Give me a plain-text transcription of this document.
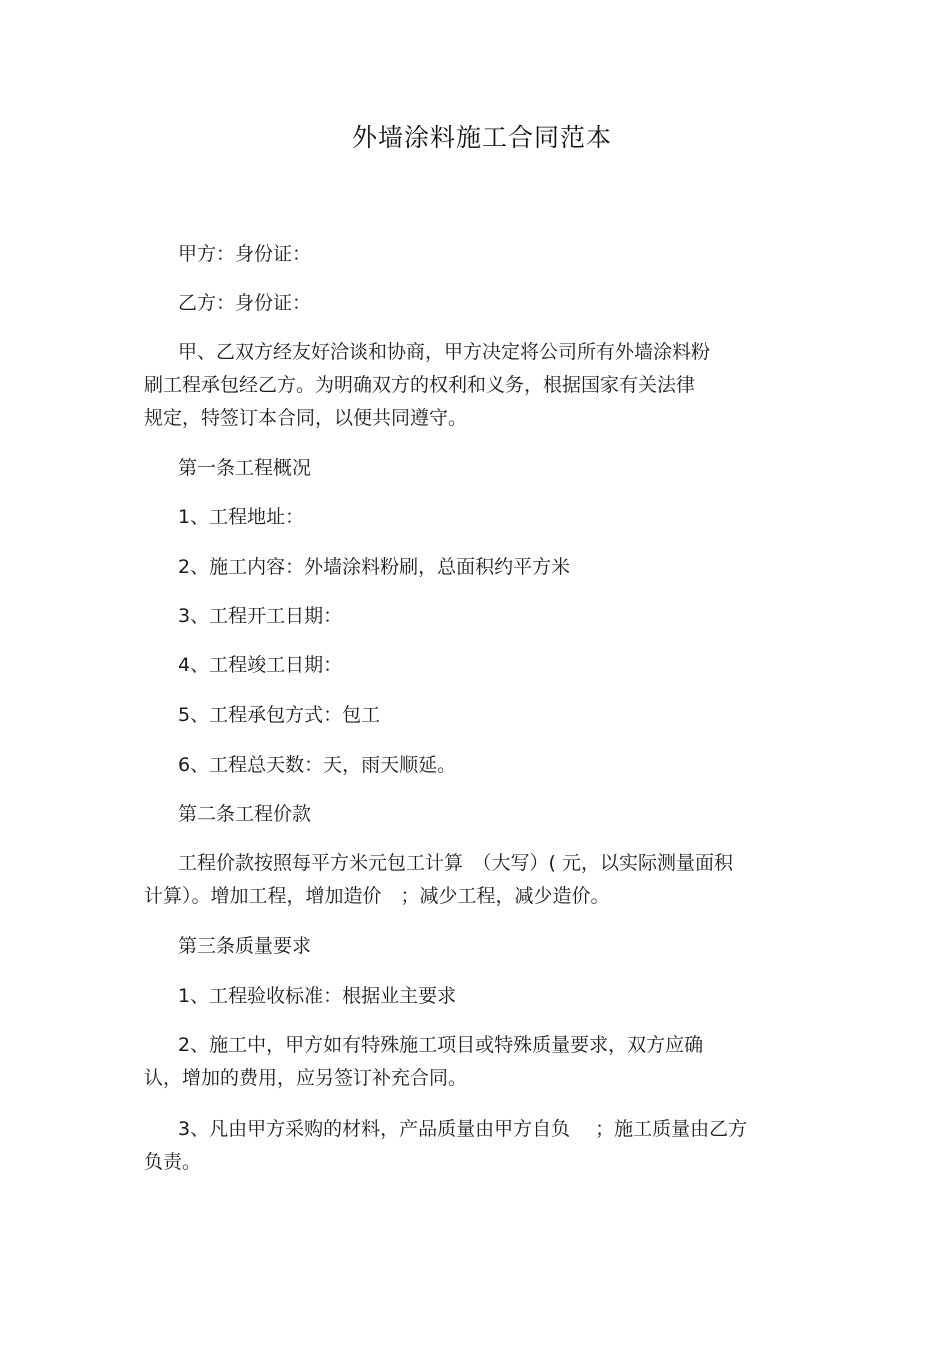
外墙涂料施工合同范本

甲方：身份证：

乙方：身份证：

甲、乙双方经友好洽谈和协商，甲方决定将公司所有外墙涂料粉
刷工程承包经乙方。为明确双方的权利和义务，根据国家有关法律
规定，特签订本合同，以便共同遵守。

第一条工程概况

1、工程地址：

2、施工内容：外墙涂料粉刷，总面积约平方米

3、工程开工日期：

4、工程竣工日期：

5、工程承包方式：包工

6、工程总天数：天，雨天顺延。

第二条工程价款

工程价款按照每平方米元包工计算　（大写）( 元，以实际测量面积
计算）。增加工程，增加造价　；减少工程，减少造价。

第三条质量要求

1、工程验收标准：根据业主要求

2、施工中，甲方如有特殊施工项目或特殊质量要求，双方应确
认，增加的费用，应另签订补充合同。

3、凡由甲方采购的材料，产品质量由甲方自负　 ；施工质量由乙方
负责。
